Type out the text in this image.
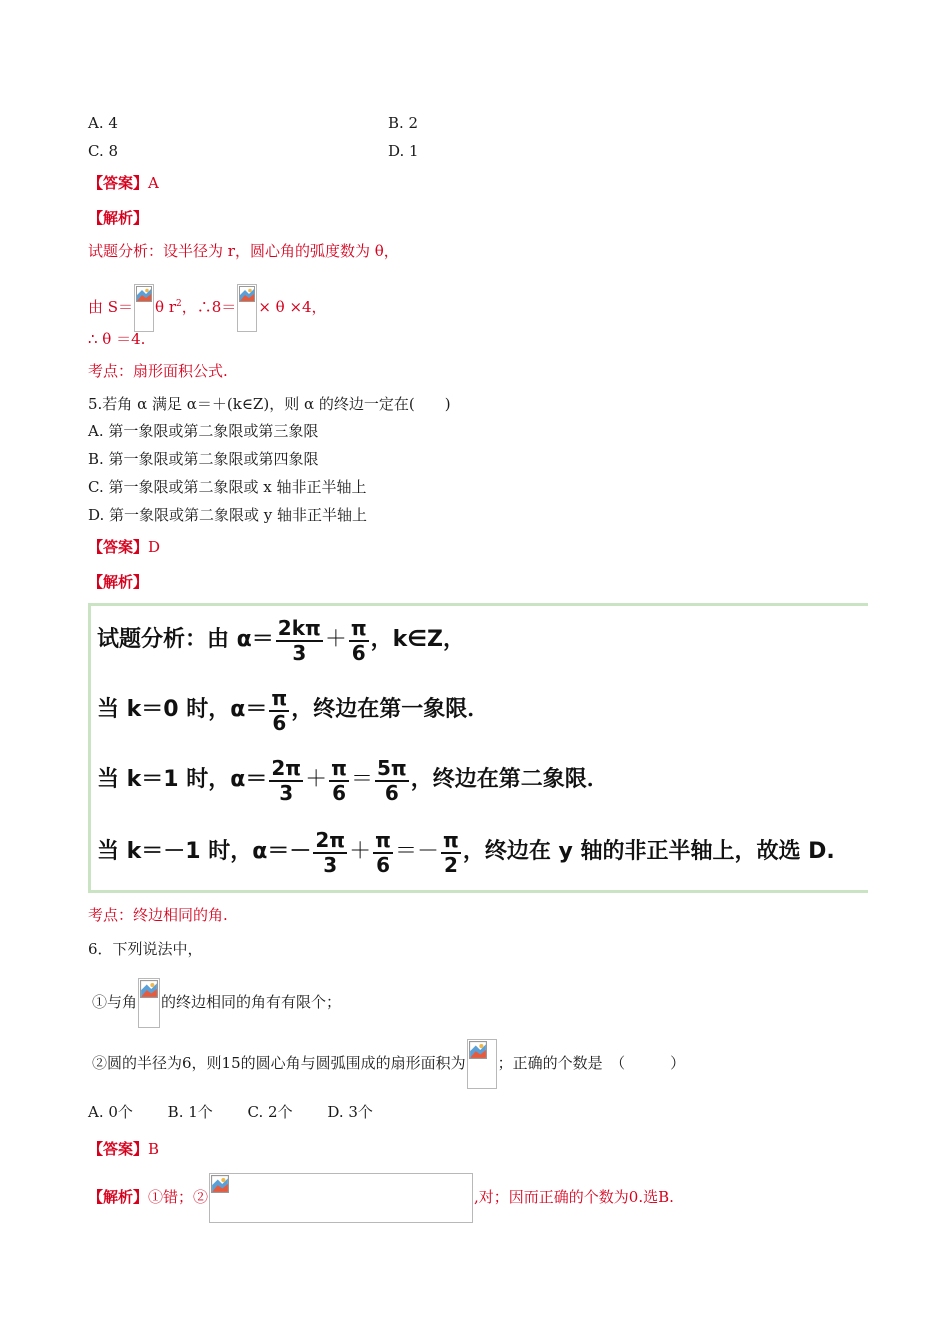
A. 4	B. 2
C. 8	D. 1
【答案】A
【解析】
试题分析：设半径为 r，圆心角的弧度数为 θ，
由 S＝ θ $r^2$，∴8＝ × θ ×4，
∴ θ ＝4.
考点：扇形面积公式.
5.若角 α 满足 α＝＋(k∈Z)，则 α 的终边一定在(　　)
A. 第一象限或第二象限或第三象限
B. 第一象限或第二象限或第四象限
C. 第一象限或第二象限或 x 轴非正半轴上
D. 第一象限或第二象限或 y 轴非正半轴上
【答案】D
【解析】
试题分析：由 $\alpha= \frac{2k\pi}{3} + \frac{\pi}{6}$ ，k∈Z，
当 k＝0 时，$\alpha= \frac{\pi}{6}$ ，终边在第一象限．
当 k＝1 时，$\alpha= \frac{2\pi}{3} + \frac{\pi}{6} = \frac{5\pi}{6}$ ，终边在第二象限．
当 k＝－1 时，$\alpha=- \frac{2\pi}{3} + \frac{\pi}{6} =- \frac{\pi}{2}$ ，终边在 y 轴的非正半轴上，故选 D.
考点：终边相同的角.
6．下列说法中，
①与角 的终边相同的角有有限个；
②圆的半径为6，则15的圆心角与圆弧围成的扇形面积为 ；正确的个数是　（　　　）
A. 0个　　 B. 1个　　 C. 2个　　 D. 3个
【答案】B
【解析】①错；②	,对；因而正确的个数为0.选B.
